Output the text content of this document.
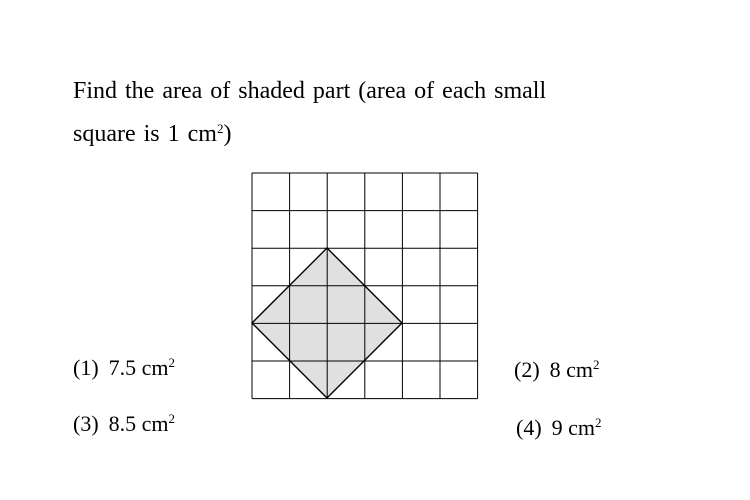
Find the area of shaded part (area of each small

square is 1 $cm^2$)

(1) 7.5 $cm^2$	(2) 8 $cm^2$
(3) 8.5 $cm^2$	(4) 9 $cm^2$
